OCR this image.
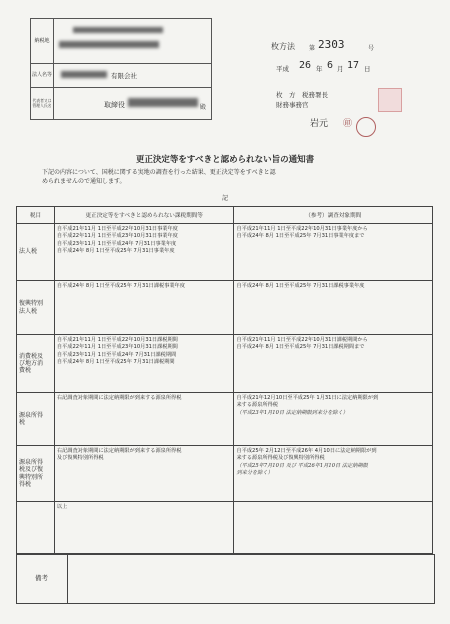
納税地
法人名等	有限会社
代表者又は管理人氏名	取締役	殿
枚方法 第 2303	号
平成 26 年 6 月 17 日
枚　方　税務署長
財務事務官
岩元 ㊞
更正決定等をすべきと認められない旨の通知書
下記の内容について、国税に関する実地の調査を行った結果、更正決定等をすべきと認
められませんので通知します。
記
税目	更正決定等をすべきと認められない課税期間等	（参考）調査対象期間

法人税	自平成21年11月 1日至平成22年10月31日事業年度
自平成22年11月 1日至平成23年10月31日事業年度
自平成23年11月 1日至平成24年 7月31日事業年度
自平成24年 8月 1日至平成25年 7月31日事業年度	自平成21年11月 1日至平成22年10月31日事業年度から
自平成24年 8月 1日至平成25年 7月31日事業年度まで

復興特別
法人税	自平成24年 8月 1日至平成25年 7月31日課税事業年度	自平成24年 8月 1日至平成25年 7月31日課税事業年度

消費税及
び地方消
費税	自平成21年11月 1日至平成22年10月31日課税期間
自平成22年11月 1日至平成23年10月31日課税期間
自平成23年11月 1日至平成24年 7月31日課税期間
自平成24年 8月 1日至平成25年 7月31日課税期間	自平成21年11月 1日至平成22年10月31日課税期間から
自平成24年 8月 1日至平成25年 7月31日課税期間まで

源泉所得
税	右記調査対象期間に法定納期限が到来する源泉所得税	自平成21年12月10日至平成25年 1月31日に法定納期限が到
来する源泉所得税
（平成23年1月10日 法定納期限到来分を除く）

源泉所得
税及び復
興特別所
得税	右記調査対象期間に法定納期限が到来する源泉所得税
及び復興特別所得税	自平成25年 2月12日至平成26年 4月10日に法定納期限が到
来する源泉所得税及び復興特別所得税
（平成25年7月10日 及び 平成26年1月10日 法定納期限
到来分を除く）

	以上	

備考
